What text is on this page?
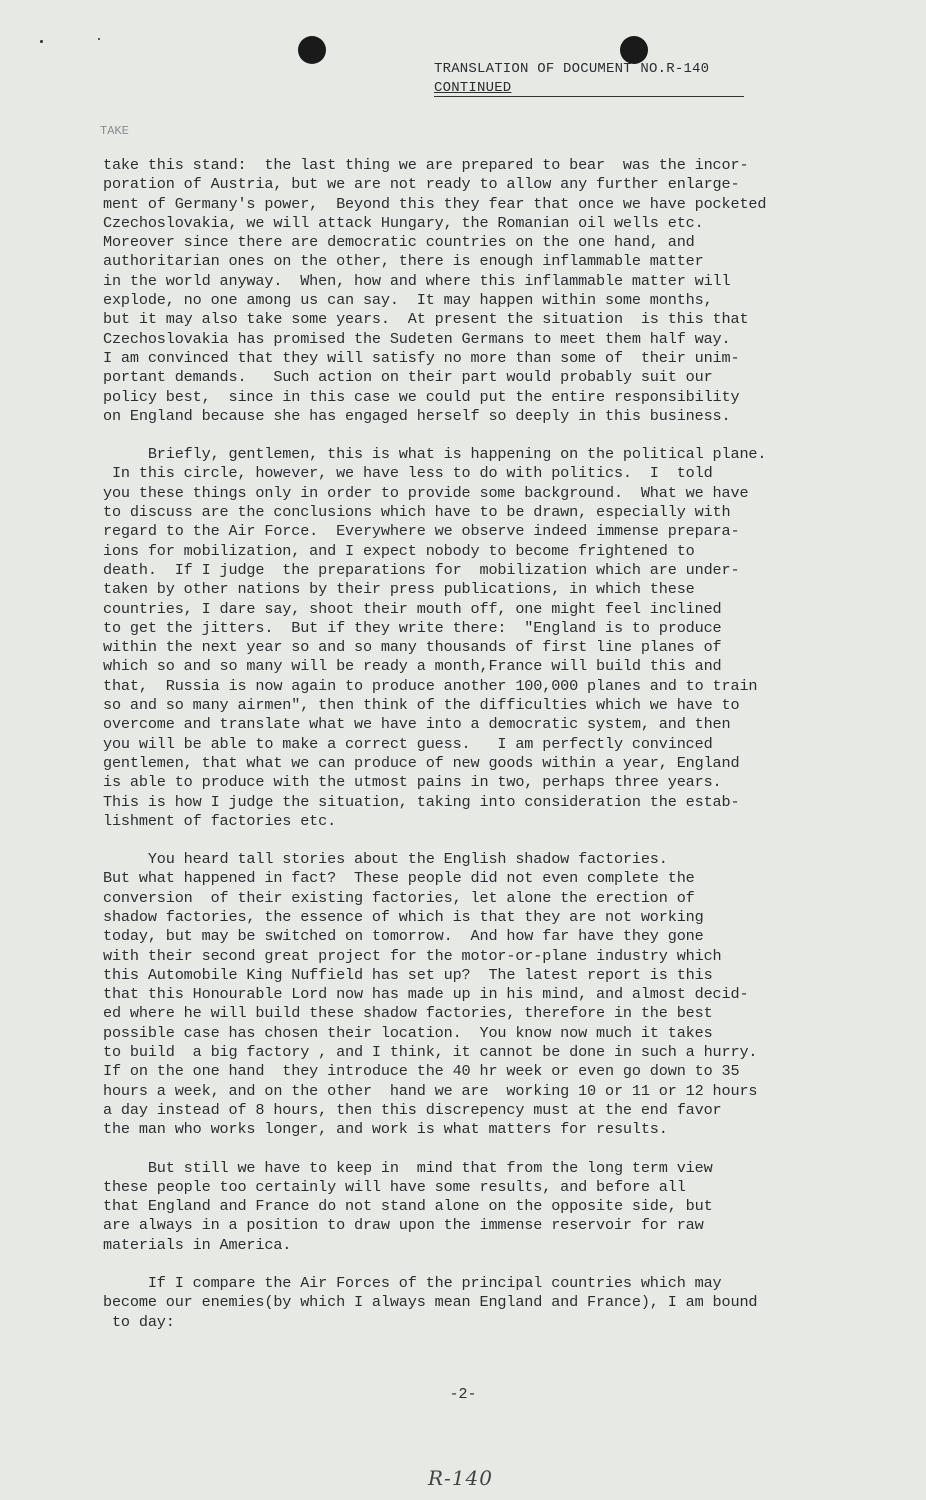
TRANSLATION OF DOCUMENT NO.R-140
CONTINUED
TAKE

take this stand:  the last thing we are prepared to bear  was the incor-
poration of Austria, but we are not ready to allow any further enlarge-
ment of Germany's power,  Beyond this they fear that once we have pocketed
Czechoslovakia, we will attack Hungary, the Romanian oil wells etc.
Moreover since there are democratic countries on the one hand, and
authoritarian ones on the other, there is enough inflammable matter
in the world anyway.  When, how and where this inflammable matter will
explode, no one among us can say.  It may happen within some months,
but it may also take some years.  At present the situation  is this that
Czechoslovakia has promised the Sudeten Germans to meet them half way.
I am convinced that they will satisfy no more than some of  their unim-
portant demands.   Such action on their part would probably suit our
policy best,  since in this case we could put the entire responsibility
on England because she has engaged herself so deeply in this business.

Briefly, gentlemen, this is what is happening on the political plane.
In this circle, however, we have less to do with politics.  I  told
you these things only in order to provide some background.  What we have
to discuss are the conclusions which have to be drawn, especially with
regard to the Air Force.  Everywhere we observe indeed immense prepara-
ions for mobilization, and I expect nobody to become frightened to
death.  If I judge  the preparations for  mobilization which are under-
taken by other nations by their press publications, in which these
countries, I dare say, shoot their mouth off, one might feel inclined
to get the jitters.  But if they write there:  "England is to produce
within the next year so and so many thousands of first line planes of
which so and so many will be ready a month,France will build this and
that,  Russia is now again to produce another 100,000 planes and to train
so and so many airmen", then think of the difficulties which we have to
overcome and translate what we have into a democratic system, and then
you will be able to make a correct guess.   I am perfectly convinced
gentlemen, that what we can produce of new goods within a year, England
is able to produce with the utmost pains in two, perhaps three years.
This is how I judge the situation, taking into consideration the estab-
lishment of factories etc.

You heard tall stories about the English shadow factories.
But what happened in fact?  These people did not even complete the
conversion  of their existing factories, let alone the erection of
shadow factories, the essence of which is that they are not working
today, but may be switched on tomorrow.  And how far have they gone
with their second great project for the motor-or-plane industry which
this Automobile King Nuffield has set up?  The latest report is this
that this Honourable Lord now has made up in his mind, and almost decid-
ed where he will build these shadow factories, therefore in the best
possible case has chosen their location.  You know now much it takes
to build  a big factory , and I think, it cannot be done in such a hurry.
If on the one hand  they introduce the 40 hr week or even go down to 35
hours a week, and on the other  hand we are  working 10 or 11 or 12 hours
a day instead of 8 hours, then this discrepency must at the end favor
the man who works longer, and work is what matters for results.

But still we have to keep in  mind that from the long term view
these people too certainly will have some results, and before all
that England and France do not stand alone on the opposite side, but
are always in a position to draw upon the immense reservoir for raw
materials in America.

If I compare the Air Forces of the principal countries which may
become our enemies(by which I always mean England and France), I am bound
to day:

-2-
R-140
